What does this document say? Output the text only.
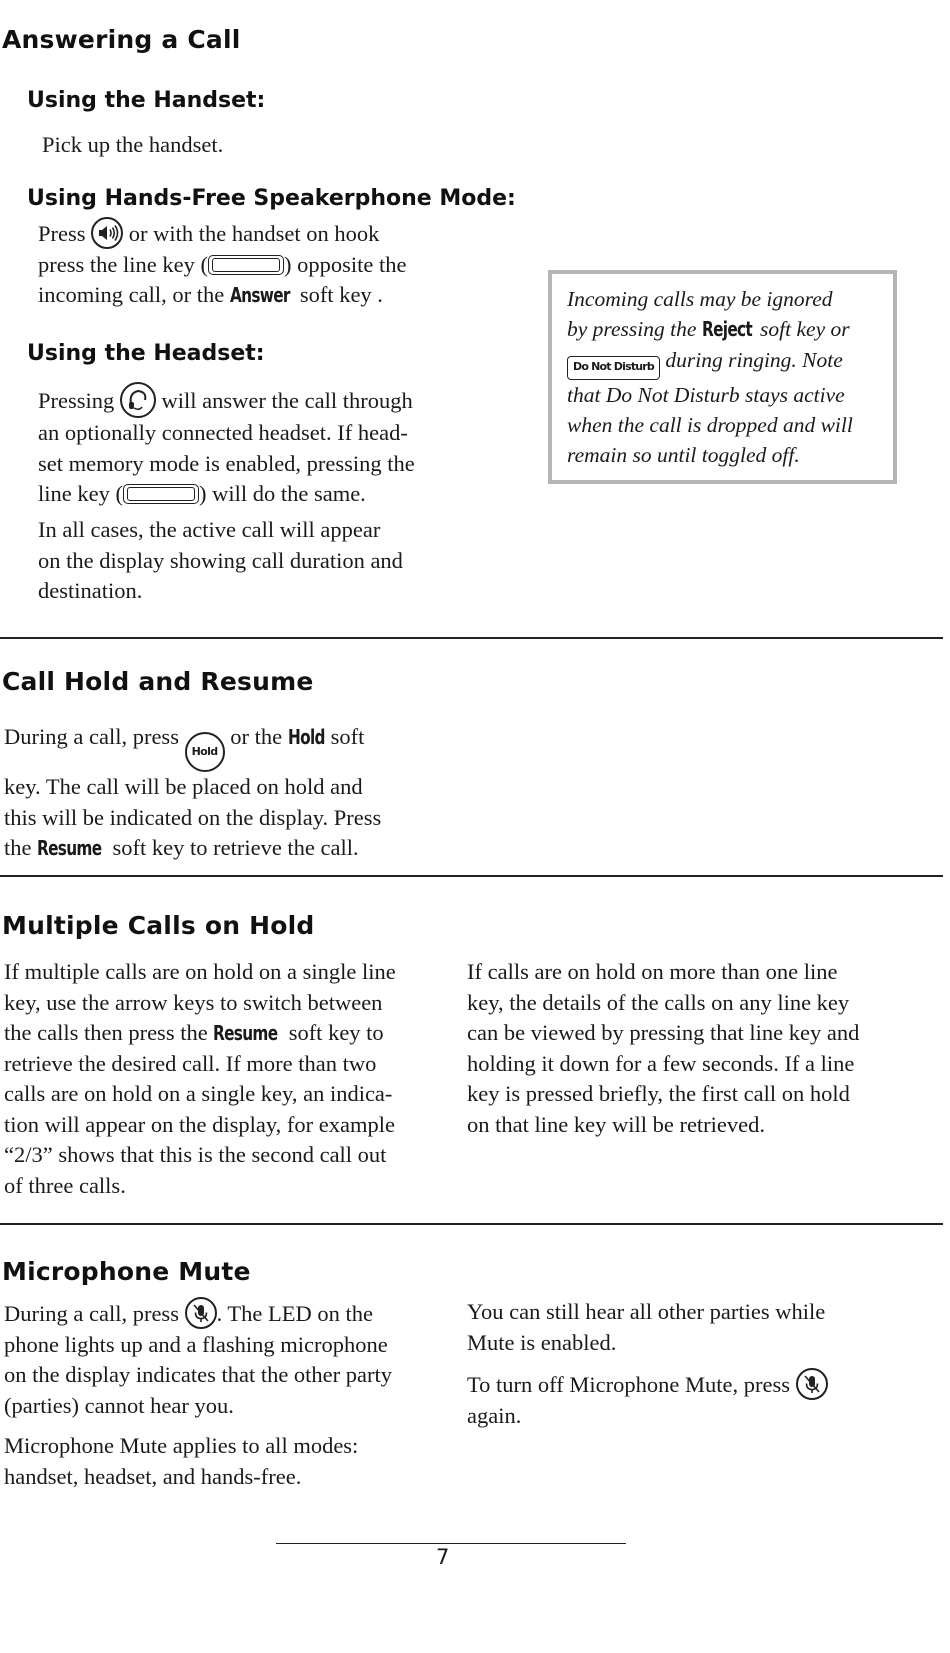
Answering a Call
Using the Handset:
Pick up the handset.
Using Hands-Free Speakerphone Mode:

Press or with the handset on hook

press the line key (	) opposite the

incoming call, or the Answer soft key .

Using the Headset:

Pressing will answer the call through

an optionally connected headset. If head-

set memory mode is enabled, pressing the

line key (	) will do the same.

In all cases, the active call will appear

on the display showing call duration and

destination.

Incoming calls may be ignored
by pressing the Reject soft key or
Do Not Disturb during ringing. Note
that Do Not Disturb stays active
when the call is dropped and will
remain so until toggled off.
Call Hold and Resume

During a call, press Hold or the Hold soft

key. The call will be placed on hold and

this will be indicated on the display. Press

the Resume soft key to retrieve the call.

Multiple Calls on Hold

If multiple calls are on hold on a single line

key, use the arrow keys to switch between

the calls then press the Resume soft key to

retrieve the desired call. If more than two

calls are on hold on a single key, an indica-

tion will appear on the display, for example

“2/3” shows that this is the second call out

of three calls.

If calls are on hold on more than one line

key, the details of the calls on any line key

can be viewed by pressing that line key and

holding it down for a few seconds. If a line

key is pressed briefly, the first call on hold

on that line key will be retrieved.

Microphone Mute

During a call, press . The LED on the

phone lights up and a flashing microphone

on the display indicates that the other party

(parties) cannot hear you.

Microphone Mute applies to all modes:

handset, headset, and hands-free.

You can still hear all other parties while

Mute is enabled.

To turn off Microphone Mute, press

again.

7
